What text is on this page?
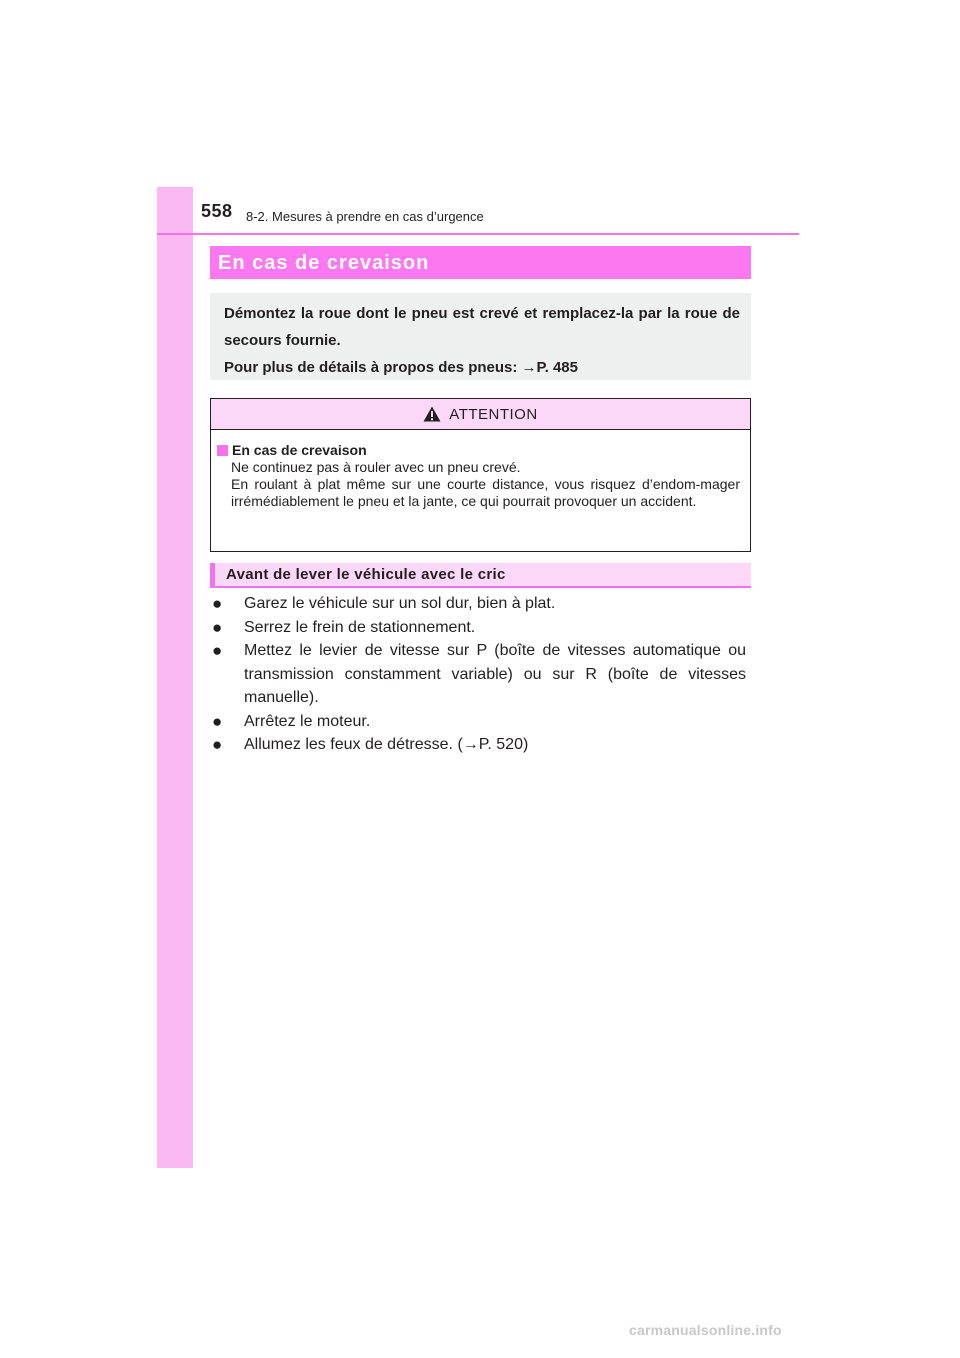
558 8-2. Mesures à prendre en cas d’urgence
En cas de crevaison

Démontez la roue dont le pneu est crevé et remplacez-la par la roue de secours fournie.

Pour plus de détails à propos des pneus: →P. 485

ATTENTION
En cas de crevaison

Ne continuez pas à rouler avec un pneu crevé.

En roulant à plat même sur une courte distance, vous risquez d’endom-mager irrémédiablement le pneu et la jante, ce qui pourrait provoquer un accident.

Avant de lever le véhicule avec le cric
●	Garez le véhicule sur un sol dur, bien à plat.
●	Serrez le frein de stationnement.
●	Mettez le levier de vitesse sur P (boîte de vitesses automatique ou transmission constamment variable) ou sur R (boîte de vitesses manuelle).
●	Arrêtez le moteur.
●	Allumez les feux de détresse. (→P. 520)
carmanualsonline.info
